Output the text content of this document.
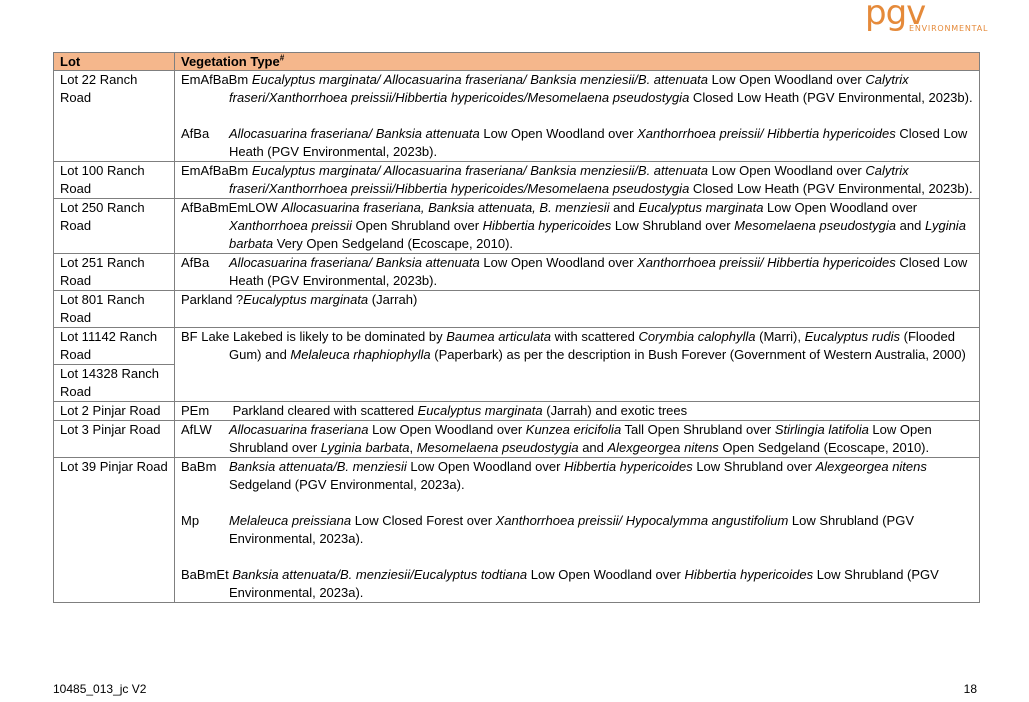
pgv
ENVIRONMENTAL
Lot	Vegetation Type#
Lot 22 Ranch Road	EmAfBaBm Eucalyptus marginata/ Allocasuarina fraseriana/ Banksia menziesii/B. attenuata Low Open Woodland over Calytrix fraseri/Xanthorrhoea preissii/Hibbertia hypericoides/Mesomelaena pseudostygia Closed Low Heath (PGV Environmental, 2023b).
AfBa Allocasuarina fraseriana/ Banksia attenuata Low Open Woodland over Xanthorrhoea preissii/ Hibbertia hypericoides Closed Low Heath (PGV Environmental, 2023b).

Lot 100 Ranch Road	EmAfBaBm Eucalyptus marginata/ Allocasuarina fraseriana/ Banksia menziesii/B. attenuata Low Open Woodland over Calytrix fraseri/Xanthorrhoea preissii/Hibbertia hypericoides/Mesomelaena pseudostygia Closed Low Heath (PGV Environmental, 2023b).

Lot 250 Ranch Road	AfBaBmEmLOW Allocasuarina fraseriana, Banksia attenuata, B. menziesii and Eucalyptus marginata Low Open Woodland over Xanthorrhoea preissii Open Shrubland over Hibbertia hypericoides Low Shrubland over Mesomelaena pseudostygia and Lyginia barbata Very Open Sedgeland (Ecoscape, 2010).

Lot 251 Ranch Road	AfBa Allocasuarina fraseriana/ Banksia attenuata Low Open Woodland over Xanthorrhoea preissii/ Hibbertia hypericoides Closed Low Heath (PGV Environmental, 2023b).

Lot 801 Ranch Road	Parkland ?Eucalyptus marginata (Jarrah)

Lot 11142 Ranch Road	BF Lake Lakebed is likely to be dominated by Baumea articulata with scattered Corymbia calophylla (Marri), Eucalyptus rudis (Flooded Gum) and Melaleuca rhaphiophylla (Paperbark) as per the description in Bush Forever (Government of Western Australia, 2000)

Lot 14328 Ranch Road	
Lot 2 Pinjar Road	PEm Parkland cleared with scattered Eucalyptus marginata (Jarrah) and exotic trees

Lot 3 Pinjar Road	AfLW Allocasuarina fraseriana Low Open Woodland over Kunzea ericifolia Tall Open Shrubland over Stirlingia latifolia Low Open Shrubland over Lyginia barbata, Mesomelaena pseudostygia and Alexgeorgea nitens Open Sedgeland (Ecoscape, 2010).

Lot 39 Pinjar Road	BaBm Banksia attenuata/B. menziesii Low Open Woodland over Hibbertia hypericoides Low Shrubland over Alexgeorgea nitens Sedgeland (PGV Environmental, 2023a).
Mp Melaleuca preissiana Low Closed Forest over Xanthorrhoea preissii/ Hypocalymma angustifolium Low Shrubland (PGV Environmental, 2023a).
BaBmEt Banksia attenuata/B. menziesii/Eucalyptus todtiana Low Open Woodland over Hibbertia hypericoides Low Shrubland (PGV Environmental, 2023a).
10485_013_jc V2	18
